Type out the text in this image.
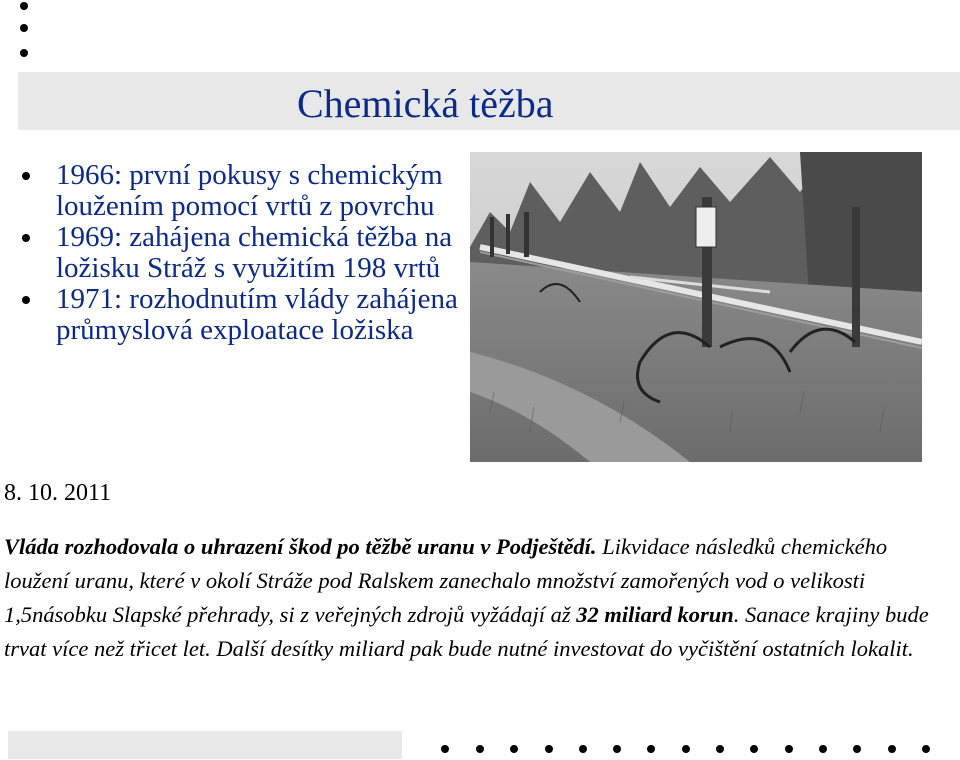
Chemická těžba
1966: první pokusy s chemickým loužením pomocí vrtů z povrchu
1969: zahájena chemická těžba na ložisku Stráž s využitím 198 vrtů
1971: rozhodnutím vlády zahájena průmyslová exploatace ložiska
8. 10. 2011
Vláda rozhodovala o uhrazení škod po těžbě uranu v Podještědí. Likvidace následků chemického loužení uranu, které v okolí Stráže pod Ralskem zanechalo množství zamořených vod o velikosti 1,5násobku Slapské přehrady, si z veřejných zdrojů vyžádají až 32 miliard korun. Sanace krajiny bude trvat více než třicet let. Další desítky miliard pak bude nutné investovat do vyčištění ostatních lokalit.
